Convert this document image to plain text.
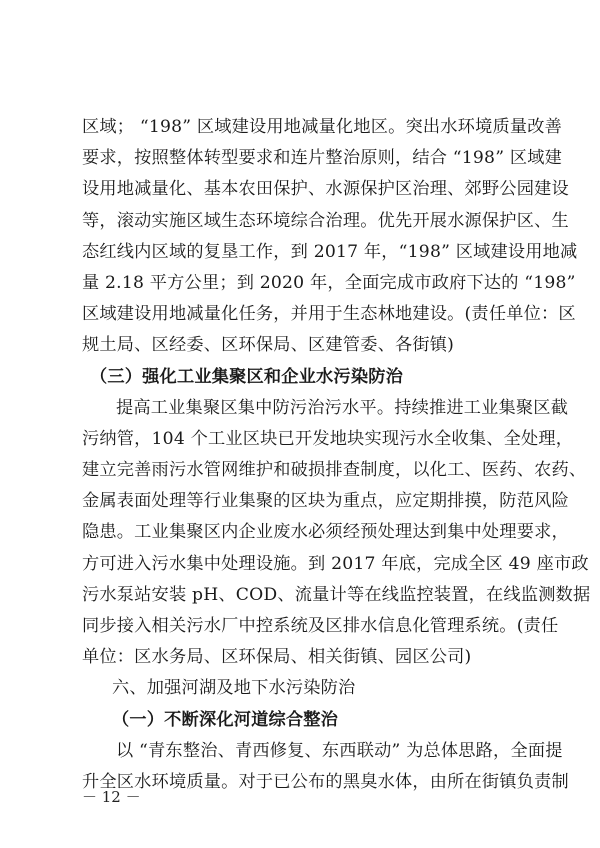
区域； “198” 区域建设用地减量化地区。突出水环境质量改善
要求，按照整体转型要求和连片整治原则，结合 “198” 区域建
设用地减量化、基本农田保护、水源保护区治理、郊野公园建设
等，滚动实施区域生态环境综合治理。优先开展水源保护区、生
态红线内区域的复垦工作，到 2017 年，“198” 区域建设用地减
量 2.18 平方公里；到 2020 年，全面完成市政府下达的 “198”
区域建设用地减量化任务，并用于生态林地建设。(责任单位：区
规土局、区经委、区环保局、区建管委、各街镇)
（三）强化工业集聚区和企业水污染防治
提高工业集聚区集中防污治污水平。持续推进工业集聚区截
污纳管，104 个工业区块已开发地块实现污水全收集、全处理，
建立完善雨污水管网维护和破损排查制度，以化工、医药、农药、
金属表面处理等行业集聚的区块为重点，应定期排摸，防范风险
隐患。工业集聚区内企业废水必须经预处理达到集中处理要求，
方可进入污水集中处理设施。到 2017 年底，完成全区 49 座市政
污水泵站安装 pH、COD、流量计等在线监控装置，在线监测数据
同步接入相关污水厂中控系统及区排水信息化管理系统。(责任
单位：区水务局、区环保局、相关街镇、园区公司)
六、加强河湖及地下水污染防治
（一）不断深化河道综合整治
以 “青东整治、青西修复、东西联动” 为总体思路，全面提
升全区水环境质量。对于已公布的黑臭水体，由所在街镇负责制
－ 12 －
